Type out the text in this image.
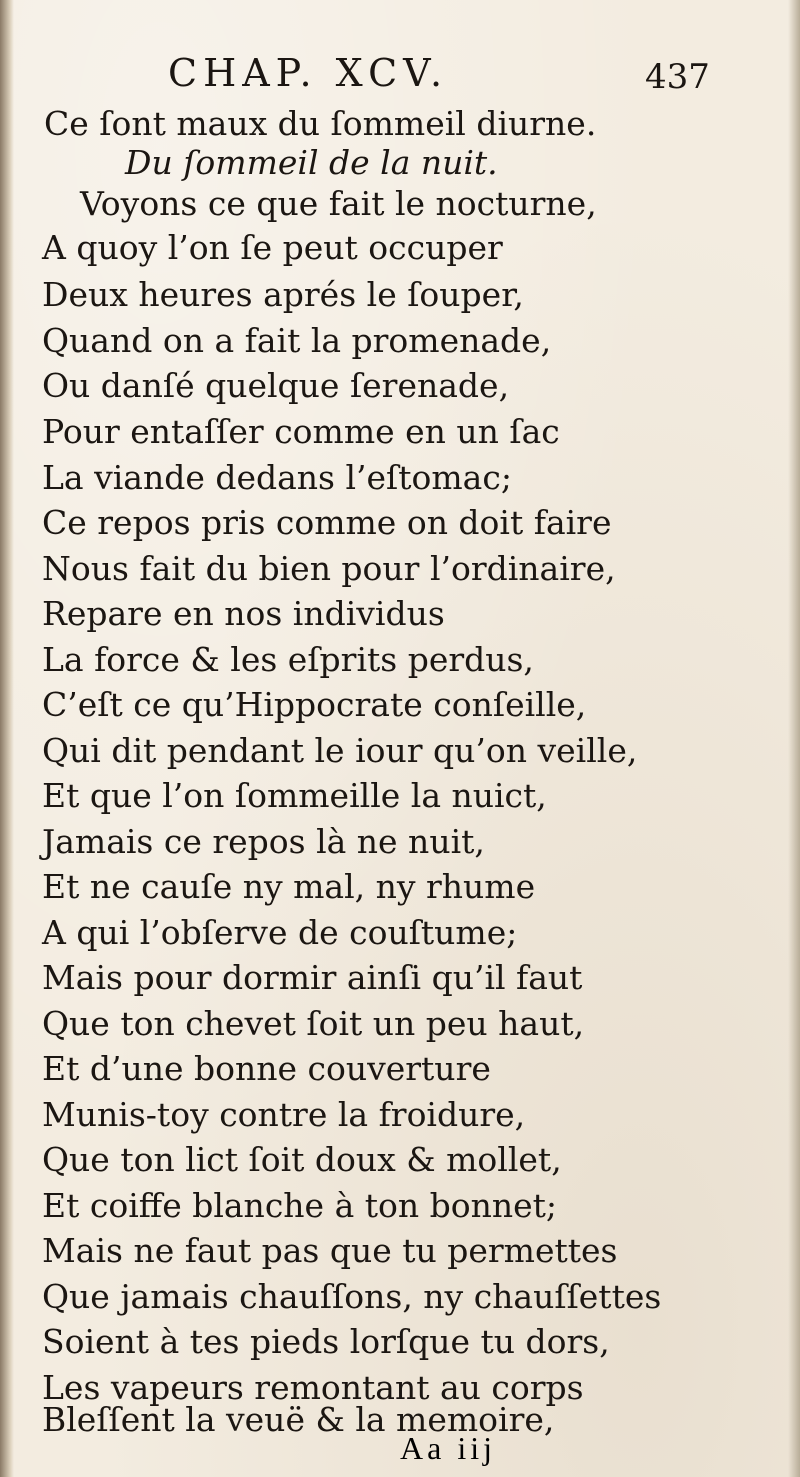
CHAP. XCV.	437
Ce ſont maux du ſommeil diurne.
Du ſommeil de la nuit.
Voyons ce que fait le nocturne,
A quoy l’on ſe peut occuper
Deux heures aprés le ſouper,
Quand on a fait la promenade,
Ou danſé quelque ſerenade,
Pour entaſſer comme en un ſac
La viande dedans l’eſtomac;
Ce repos pris comme on doit faire
Nous fait du bien pour l’ordinaire,
Repare en nos individus
La force & les eſprits perdus,
C’eſt ce qu’Hippocrate conſeille,
Qui dit pendant le iour qu’on veille,
Et que l’on ſommeille la nuict,
Jamais ce repos là ne nuit,
Et ne cauſe ny mal, ny rhume
A qui l’obſerve de couſtume;
Mais pour dormir ainſi qu’il faut
Que ton chevet ſoit un peu haut,
Et d’une bonne couverture
Munis-toy contre la froidure,
Que ton lict ſoit doux & mollet,
Et coiffe blanche à ton bonnet;
Mais ne faut pas que tu permettes
Que jamais chauſſons, ny chauſſettes
Soient à tes pieds lorſque tu dors,
Les vapeurs remontant au corps
Bleſſent la veuë & la memoire,
Aa iij
